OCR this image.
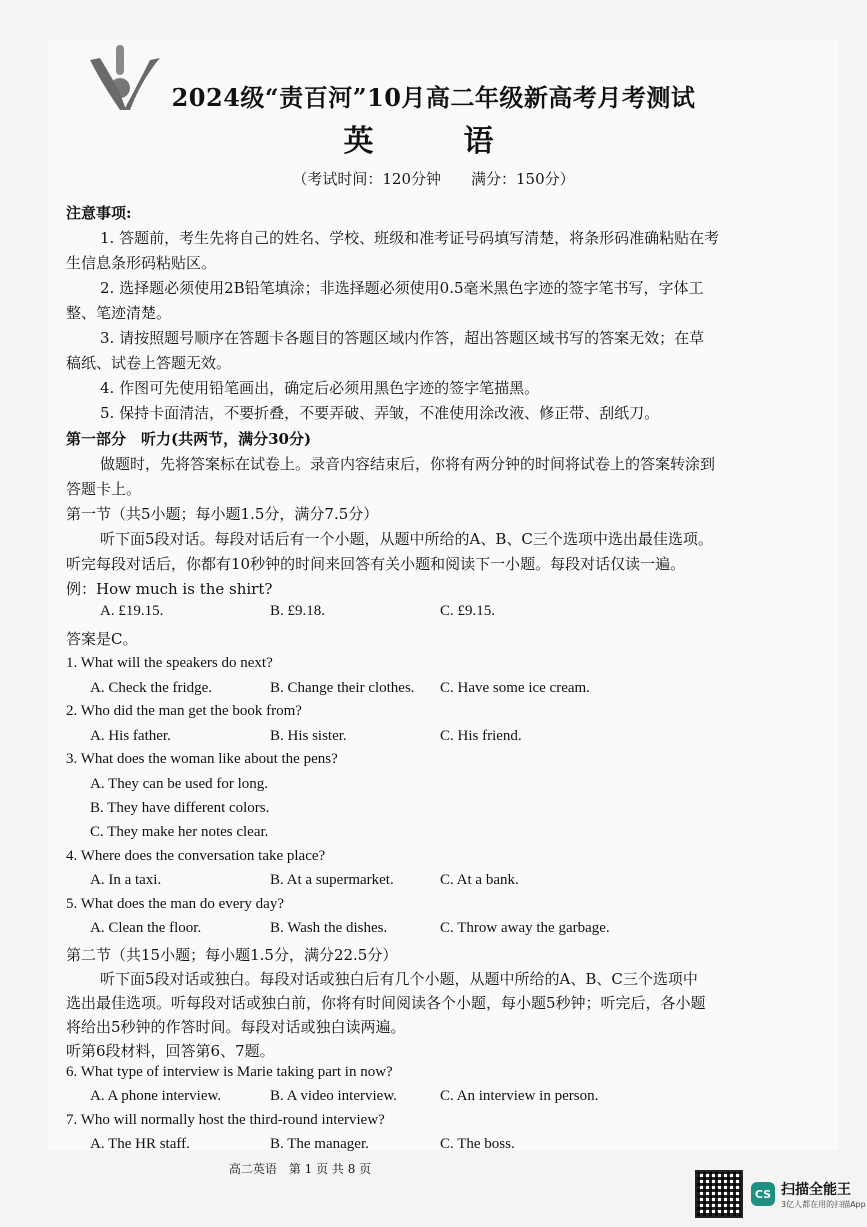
2024级“责百河”10月高二年级新高考月考测试
英　语
（考试时间：120分钟　　满分：150分）
注意事项:
1. 答题前，考生先将自己的姓名、学校、班级和准考证号码填写清楚，将条形码准确粘贴在考
生信息条形码粘贴区。
2. 选择题必须使用2B铅笔填涂；非选择题必须使用0.5毫米黑色字迹的签字笔书写，字体工
整、笔迹清楚。
3. 请按照题号顺序在答题卡各题目的答题区域内作答，超出答题区域书写的答案无效；在草
稿纸、试卷上答题无效。
4. 作图可先使用铅笔画出，确定后必须用黑色字迹的签字笔描黑。
5. 保持卡面清洁，不要折叠，不要弄破、弄皱，不准使用涂改液、修正带、刮纸刀。
第一部分　听力(共两节，满分30分)
做题时，先将答案标在试卷上。录音内容结束后，你将有两分钟的时间将试卷上的答案转涂到
答题卡上。
第一节（共5小题；每小题1.5分，满分7.5分）
听下面5段对话。每段对话后有一个小题，从题中所给的A、B、C三个选项中选出最佳选项。
听完每段对话后，你都有10秒钟的时间来回答有关小题和阅读下一小题。每段对话仅读一遍。
例：How much is the shirt?
A. £19.15.	B. £9.18.	C. £9.15.
答案是C。
1. What will the speakers do next?
A. Check the fridge.	B. Change their clothes. C. Have some ice cream.
2. Who did the man get the book from?
A. His father.	B. His sister.	C. His friend.
3. What does the woman like about the pens?
A. They can be used for long.
B. They have different colors.
C. They make her notes clear.
4. Where does the conversation take place?
A. In a taxi.	B. At a supermarket.	C. At a bank.
5. What does the man do every day?
A. Clean the floor.	B. Wash the dishes.	C. Throw away the garbage.
第二节（共15小题；每小题1.5分，满分22.5分）
听下面5段对话或独白。每段对话或独白后有几个小题，从题中所给的A、B、C三个选项中
选出最佳选项。听每段对话或独白前，你将有时间阅读各个小题，每小题5秒钟；听完后，各小题
将给出5秒钟的作答时间。每段对话或独白读两遍。
听第6段材料，回答第6、7题。
6. What type of interview is Marie taking part in now?
A. A phone interview.	B. A video interview.	C. An interview in person.
7. Who will normally host the third-round interview?
A. The HR staff.	B. The manager.	C. The boss.
高二英语　第 1 页 共 8 页
CS 扫描全能王
3亿人都在用的扫描App
